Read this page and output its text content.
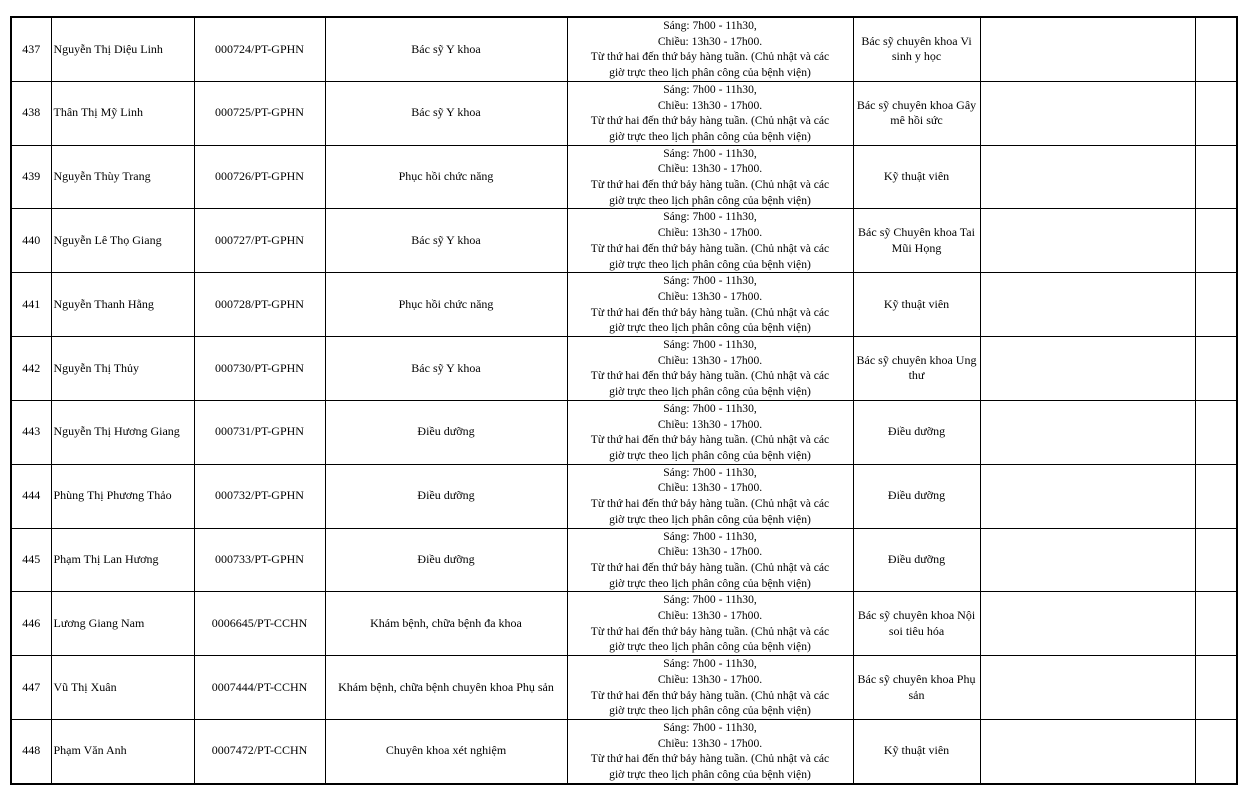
437	Nguyễn Thị Diệu Linh	000724/PT-GPHN	Bác sỹ Y khoa	Sáng: 7h00 - 11h30,
Chiều: 13h30 - 17h00.
Từ thứ hai đến thứ bảy hàng tuần. (Chủ nhật và các
giờ trực theo lịch phân công của bệnh viện)	Bác sỹ chuyên khoa Vi sinh y học		
438	Thân Thị Mỹ Linh	000725/PT-GPHN	Bác sỹ Y khoa	Sáng: 7h00 - 11h30,
Chiều: 13h30 - 17h00.
Từ thứ hai đến thứ bảy hàng tuần. (Chủ nhật và các
giờ trực theo lịch phân công của bệnh viện)	Bác sỹ chuyên khoa Gây mê hồi sức		
439	Nguyễn Thùy Trang	000726/PT-GPHN	Phục hồi chức năng	Sáng: 7h00 - 11h30,
Chiều: 13h30 - 17h00.
Từ thứ hai đến thứ bảy hàng tuần. (Chủ nhật và các
giờ trực theo lịch phân công của bệnh viện)	Kỹ thuật viên		
440	Nguyễn Lê Thọ Giang	000727/PT-GPHN	Bác sỹ Y khoa	Sáng: 7h00 - 11h30,
Chiều: 13h30 - 17h00.
Từ thứ hai đến thứ bảy hàng tuần. (Chủ nhật và các
giờ trực theo lịch phân công của bệnh viện)	Bác sỹ Chuyên khoa Tai Mũi Họng		
441	Nguyễn Thanh Hằng	000728/PT-GPHN	Phục hồi chức năng	Sáng: 7h00 - 11h30,
Chiều: 13h30 - 17h00.
Từ thứ hai đến thứ bảy hàng tuần. (Chủ nhật và các
giờ trực theo lịch phân công của bệnh viện)	Kỹ thuật viên		
442	Nguyễn Thị Thủy	000730/PT-GPHN	Bác sỹ Y khoa	Sáng: 7h00 - 11h30,
Chiều: 13h30 - 17h00.
Từ thứ hai đến thứ bảy hàng tuần. (Chủ nhật và các
giờ trực theo lịch phân công của bệnh viện)	Bác sỹ chuyên khoa Ung thư		
443	Nguyễn Thị Hương Giang	000731/PT-GPHN	Điều dưỡng	Sáng: 7h00 - 11h30,
Chiều: 13h30 - 17h00.
Từ thứ hai đến thứ bảy hàng tuần. (Chủ nhật và các
giờ trực theo lịch phân công của bệnh viện)	Điều dưỡng		
444	Phùng Thị Phương Thảo	000732/PT-GPHN	Điều dưỡng	Sáng: 7h00 - 11h30,
Chiều: 13h30 - 17h00.
Từ thứ hai đến thứ bảy hàng tuần. (Chủ nhật và các
giờ trực theo lịch phân công của bệnh viện)	Điều dưỡng		
445	Phạm Thị Lan Hương	000733/PT-GPHN	Điều dưỡng	Sáng: 7h00 - 11h30,
Chiều: 13h30 - 17h00.
Từ thứ hai đến thứ bảy hàng tuần. (Chủ nhật và các
giờ trực theo lịch phân công của bệnh viện)	Điều dưỡng		
446	Lương Giang Nam	0006645/PT-CCHN	Khám bệnh, chữa bệnh đa khoa	Sáng: 7h00 - 11h30,
Chiều: 13h30 - 17h00.
Từ thứ hai đến thứ bảy hàng tuần. (Chủ nhật và các
giờ trực theo lịch phân công của bệnh viện)	Bác sỹ chuyên khoa Nội soi tiêu hóa		
447	Vũ Thị Xuân	0007444/PT-CCHN	Khám bệnh, chữa bệnh chuyên khoa Phụ sản	Sáng: 7h00 - 11h30,
Chiều: 13h30 - 17h00.
Từ thứ hai đến thứ bảy hàng tuần. (Chủ nhật và các
giờ trực theo lịch phân công của bệnh viện)	Bác sỹ chuyên khoa Phụ sản		
448	Phạm Văn Anh	0007472/PT-CCHN	Chuyên khoa xét nghiệm	Sáng: 7h00 - 11h30,
Chiều: 13h30 - 17h00.
Từ thứ hai đến thứ bảy hàng tuần. (Chủ nhật và các
giờ trực theo lịch phân công của bệnh viện)	Kỹ thuật viên		
